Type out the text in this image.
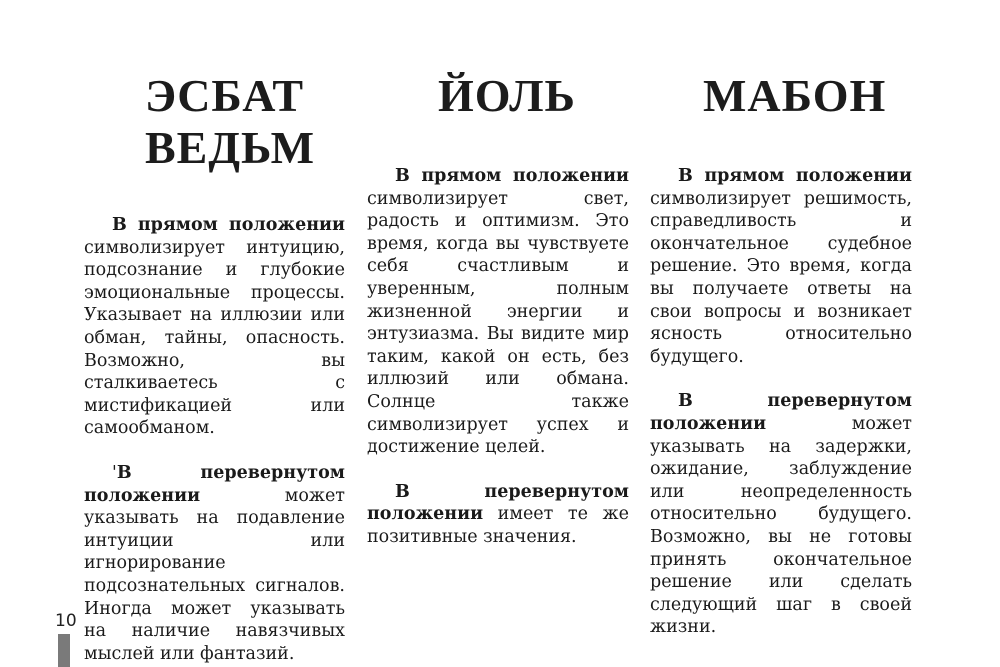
ЭСБАТ
ВЕДЬМ
ЙОЛЬ	МАБОН

В прямом положении символизирует интуицию, подсознание и глубокие эмоциональные процессы. Указывает на иллюзии или обман, тайны, опасность. Возможно, вы сталкиваетесь с мистификацией или самообманом.

'В перевернутом положении	может указывать на подавление интуиции или игнорирование подсознательных сигналов. Иногда может указывать на наличие навязчивых мыслей или фантазий.

В прямом положении символизирует свет, радость и оптимизм. Это время, когда вы чувствуете себя счастливым и уверенным, полным жизненной энергии и энтузиазма. Вы видите мир таким, какой он есть, без иллюзий или обмана. Солнце также символизирует успех и достижение целей.

В перевернутом положении имеет те же позитивные значения.

В прямом положении символизирует решимость, справедливость и окончательное судебное решение. Это время, когда вы получаете ответы на свои вопросы и возникает ясность относительно будущего.

В перевернутом положении	может указывать на задержки, ожидание, заблуждение или неопределенность относительно будущего. Возможно, вы не готовы принять окончательное решение или сделать следующий шаг в своей жизни.

10
